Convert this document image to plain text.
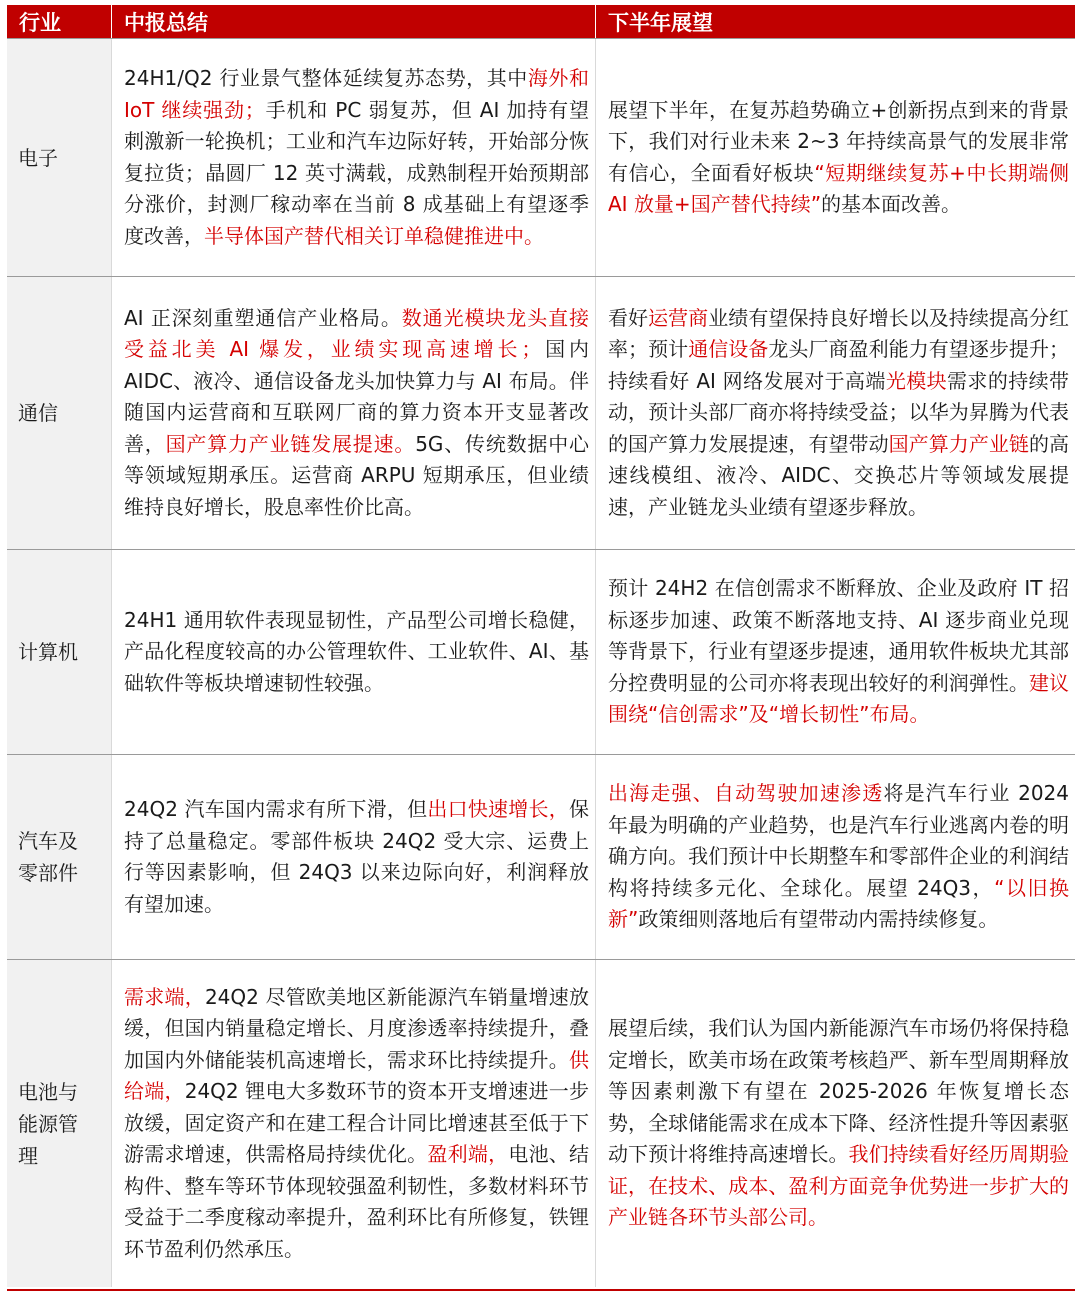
行业	中报总结	下半年展望
电子

24H1/Q2 行业景气整体延续复苏态势，其中海外和 IoT 继续强劲；手机和 PC 弱复苏，但 AI 加持有望刺激新一轮换机；工业和汽车边际好转，开始部分恢复拉货；晶圆厂 12 英寸满载，成熟制程开始预期部分涨价，封测厂稼动率在当前 8 成基础上有望逐季度改善，半导体国产替代相关订单稳健推进中。

展望下半年，在复苏趋势确立+创新拐点到来的背景下，我们对行业未来 2~3 年持续高景气的发展非常有信心，全面看好板块“短期继续复苏+中长期端侧 AI 放量+国产替代持续”的基本面改善。

通信

AI 正深刻重塑通信产业格局。数通光模块龙头直接受益北美 AI 爆发，业绩实现高速增长；国内 AIDC、液冷、通信设备龙头加快算力与 AI 布局。伴随国内运营商和互联网厂商的算力资本开支显著改善，国产算力产业链发展提速。5G、传统数据中心等领域短期承压。运营商 ARPU 短期承压，但业绩维持良好增长，股息率性价比高。

看好运营商业绩有望保持良好增长以及持续提高分红率；预计通信设备龙头厂商盈利能力有望逐步提升；持续看好 AI 网络发展对于高端光模块需求的持续带动，预计头部厂商亦将持续受益；以华为昇腾为代表的国产算力发展提速，有望带动国产算力产业链的高速线模组、液冷、AIDC、交换芯片等领域发展提速，产业链龙头业绩有望逐步释放。

计算机

24H1 通用软件表现显韧性，产品型公司增长稳健，产品化程度较高的办公管理软件、工业软件、AI、基础软件等板块增速韧性较强。

预计 24H2 在信创需求不断释放、企业及政府 IT 招标逐步加速、政策不断落地支持、AI 逐步商业兑现等背景下，行业有望逐步提速，通用软件板块尤其部分控费明显的公司亦将表现出较好的利润弹性。建议围绕“信创需求”及“增长韧性”布局。

汽车及零部件

24Q2 汽车国内需求有所下滑，但出口快速增长，保持了总量稳定。零部件板块 24Q2 受大宗、运费上行等因素影响，但 24Q3 以来边际向好，利润释放有望加速。

出海走强、自动驾驶加速渗透将是汽车行业 2024 年最为明确的产业趋势，也是汽车行业逃离内卷的明确方向。我们预计中长期整车和零部件企业的利润结构将持续多元化、全球化。展望 24Q3，“以旧换新”政策细则落地后有望带动内需持续修复。

电池与能源管理

需求端，24Q2 尽管欧美地区新能源汽车销量增速放缓，但国内销量稳定增长、月度渗透率持续提升，叠加国内外储能装机高速增长，需求环比持续提升。供给端，24Q2 锂电大多数环节的资本开支增速进一步放缓，固定资产和在建工程合计同比增速甚至低于下游需求增速，供需格局持续优化。盈利端，电池、结构件、整车等环节体现较强盈利韧性，多数材料环节受益于二季度稼动率提升，盈利环比有所修复，铁锂环节盈利仍然承压。

展望后续，我们认为国内新能源汽车市场仍将保持稳定增长，欧美市场在政策考核趋严、新车型周期释放等因素刺激下有望在 2025-2026 年恢复增长态势，全球储能需求在成本下降、经济性提升等因素驱动下预计将维持高速增长。我们持续看好经历周期验证，在技术、成本、盈利方面竞争优势进一步扩大的产业链各环节头部公司。
